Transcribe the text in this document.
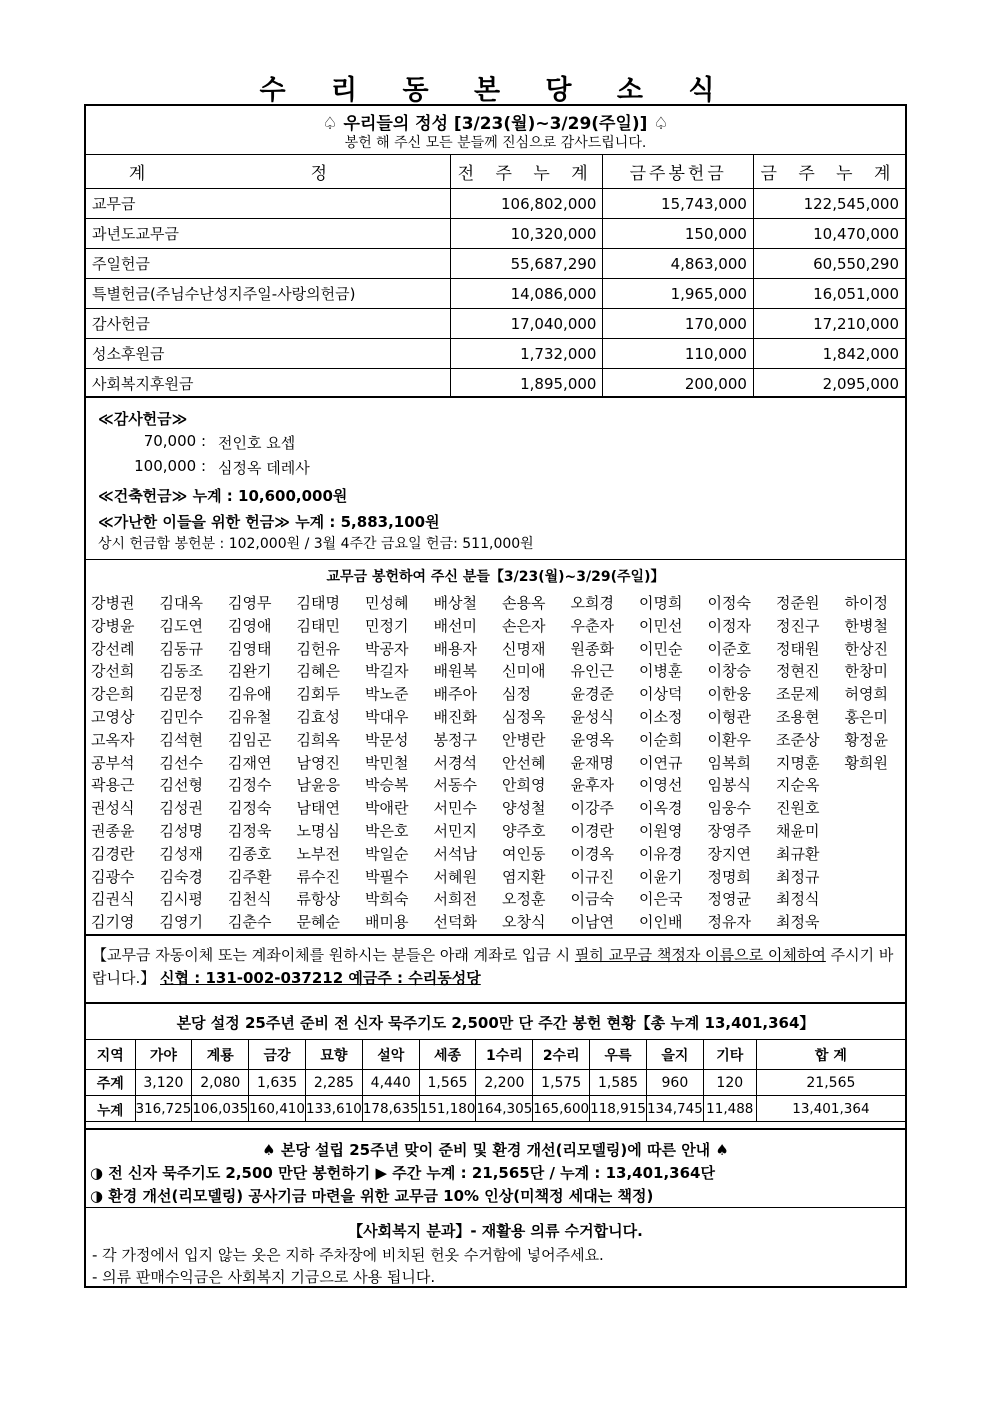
수 리 동 본 당 소 식
♤ 우리들의 정성 [3/23(월)~3/29(주일)] ♤
봉헌 해 주신 모든 분들께 진심으로 감사드립니다.
계 정	전 주 누 계	금주봉헌금	금 주 누 계
교무금	106,802,000	15,743,000	122,545,000
과년도교무금	10,320,000	150,000	10,470,000
주일헌금	55,687,290	4,863,000	60,550,290
특별헌금(주님수난성지주일-사랑의헌금)	14,086,000	1,965,000	16,051,000
감사헌금	17,040,000	170,000	17,210,000
성소후원금	1,732,000	110,000	1,842,000
사회복지후원금	1,895,000	200,000	2,095,000
≪감사헌금≫
70,000 : 전인호 요셉
100,000 : 심정옥 데레사
≪건축헌금≫ 누계 : 10,600,000원
≪가난한 이들을 위한 헌금≫ 누계 : 5,883,100원
상시 헌금함 봉헌분 : 102,000원 / 3월 4주간 금요일 헌금: 511,000원
교무금 봉헌하여 주신 분들【3/23(월)~3/29(주일)】
강병권	김대옥	김영무	김태명	민성혜	배상철	손용옥	오희경	이명희	이정숙	정준원	하이정
강병윤	김도연	김영애	김태민	민정기	배선미	손은자	우춘자	이민선	이정자	정진구	한병철
강선례	김동규	김영태	김헌유	박공자	배용자	신명재	원종화	이민순	이준호	정태원	한상진
강선희	김동조	김완기	김혜은	박길자	배원복	신미애	유인근	이병훈	이창승	정현진	한창미
강은희	김문정	김유애	김회두	박노준	배주아	심정	윤경준	이상덕	이한웅	조문제	허영희
고영상	김민수	김유철	김효성	박대우	배진화	심정옥	윤성식	이소정	이형관	조용현	홍은미
고옥자	김석현	김임곤	김희옥	박문성	봉정구	안병란	윤영옥	이순희	이환우	조준상	황정윤
공부석	김선수	김재연	남영진	박민철	서경석	안선혜	윤재명	이연규	임복희	지명훈	황희원
곽용근	김선형	김정수	남윤응	박승복	서동수	안희영	윤후자	이영선	임봉식	지순옥
권성식	김성권	김정숙	남태연	박애란	서민수	양성철	이강주	이옥경	임웅수	진원호
권종윤	김성명	김정욱	노명심	박은호	서민지	양주호	이경란	이원영	장영주	채윤미
김경란	김성재	김종호	노부전	박일순	서석남	여인동	이경옥	이유경	장지연	최규환
김광수	김숙경	김주환	류수진	박필수	서혜원	염지환	이규진	이윤기	정명희	최정규
김권식	김시평	김천식	류항상	박희숙	서희전	오정훈	이금숙	이은국	정영균	최정식
김기영	김영기	김춘수	문혜순	배미용	선덕화	오창식	이남연	이인배	정유자	최정욱
【교무금 자동이체 또는 계좌이체를 원하시는 분들은 아래 계좌로 입금 시 필히 교무금 책정자 이름으로 이체하여 주시기 바랍니다.】 신협 : 131-002-037212 예금주 : 수리동성당
본당 설정 25주년 준비 전 신자 묵주기도 2,500만 단 주간 봉헌 현황【총 누계 13,401,364】
지역	가야	계룡	금강	묘향	설악	세종	1수리	2수리	우륵	을지	기타	합 계
주계	3,120	2,080	1,635	2,285	4,440	1,565	2,200	1,575	1,585	960	120	21,565
누계	316,725	106,035	160,410	133,610	178,635	151,180	164,305	165,600	118,915	134,745	11,488	13,401,364
♠ 본당 설립 25주년 맞이 준비 및 환경 개선(리모델링)에 따른 안내 ♠
◑ 전 신자 묵주기도 2,500 만단 봉헌하기 ▶ 주간 누계 : 21,565단 / 누계 : 13,401,364단
◑ 환경 개선(리모델링) 공사기금 마련을 위한 교무금 10% 인상(미책정 세대는 책정)
【사회복지 분과】- 재활용 의류 수거합니다.
- 각 가정에서 입지 않는 옷은 지하 주차장에 비치된 헌옷 수거함에 넣어주세요.
- 의류 판매수익금은 사회복지 기금으로 사용 됩니다.
